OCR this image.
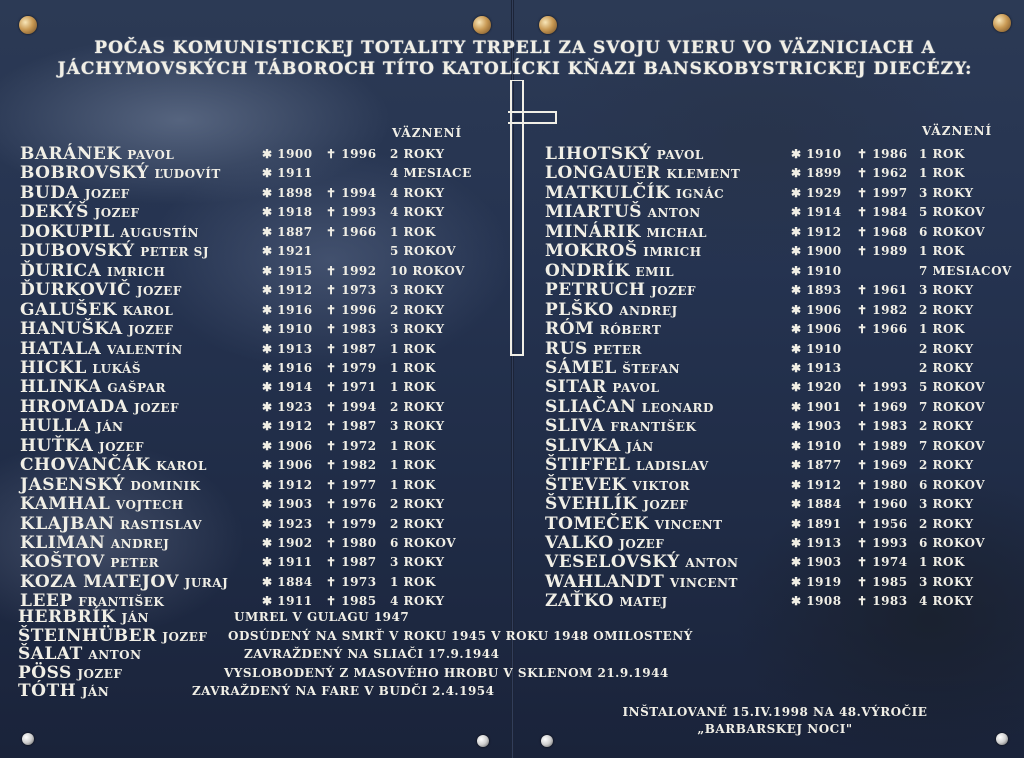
POČAS KOMUNISTICKEJ TOTALITY TRPELI ZA SVOJU VIERU VO VÄZNICIACH A
JÁCHYMOVSKÝCH TÁBOROCH TÍTO KATOLÍCKI KŇAZI BANSKOBYSTRICKEJ DIECÉZY:
VÄZNENÍ	VÄZNENÍ
BARÁNEK PAVOL	✱ 1900 ✝ 1996 2 ROKY
BOBROVSKÝ ĽUDOVÍT	✱ 1911	4 MESIACE
BUDA JOZEF	✱ 1898 ✝ 1994 4 ROKY
DEKÝŠ JOZEF	✱ 1918 ✝ 1993 4 ROKY
DOKUPIL AUGUSTÍN	✱ 1887 ✝ 1966 1 ROK
DUBOVSKÝ PETER SJ	✱ 1921	5 ROKOV
ĎURICA IMRICH	✱ 1915 ✝ 1992 10 ROKOV
ĎURKOVIČ JOZEF	✱ 1912 ✝ 1973 3 ROKY
GALUŠEK KAROL	✱ 1916 ✝ 1996 2 ROKY
HANUŠKA JOZEF	✱ 1910 ✝ 1983 3 ROKY
HATALA VALENTÍN	✱ 1913 ✝ 1987 1 ROK
HICKL LUKÁŠ	✱ 1916 ✝ 1979 1 ROK
HLINKA GAŠPAR	✱ 1914 ✝ 1971 1 ROK
HROMADA JOZEF	✱ 1923 ✝ 1994 2 ROKY
HULLA JÁN	✱ 1912 ✝ 1987 3 ROKY
HUŤKA JOZEF	✱ 1906 ✝ 1972 1 ROK
CHOVANČÁK KAROL	✱ 1906 ✝ 1982 1 ROK
JASENSKÝ DOMINIK	✱ 1912 ✝ 1977 1 ROK
KAMHAL VOJTECH	✱ 1903 ✝ 1976 2 ROKY
KLAJBAN RASTISLAV	✱ 1923 ✝ 1979 2 ROKY
KLIMAN ANDREJ	✱ 1902 ✝ 1980 6 ROKOV
KOŠTOV PETER	✱ 1911 ✝ 1987 3 ROKY
KOZA MATEJOV JURAJ	✱ 1884 ✝ 1973 1 ROK
LEEP FRANTIŠEK	✱ 1911 ✝ 1985 4 ROKY
LIHOTSKÝ PAVOL	✱ 1910 ✝ 1986 1 ROK
LONGAUER KLEMENT	✱ 1899 ✝ 1962 1 ROK
MATKULČÍK IGNÁC	✱ 1929 ✝ 1997 3 ROKY
MIARTUŠ ANTON	✱ 1914 ✝ 1984 5 ROKOV
MINÁRIK MICHAL	✱ 1912 ✝ 1968 6 ROKOV
MOKROŠ IMRICH	✱ 1900 ✝ 1989 1 ROK
ONDRÍK EMIL	✱ 1910	7 MESIACOV
PETRUCH JOZEF	✱ 1893 ✝ 1961 3 ROKY
PLŠKO ANDREJ	✱ 1906 ✝ 1982 2 ROKY
RÓM RÓBERT	✱ 1906 ✝ 1966 1 ROK
RUS PETER	✱ 1910	2 ROKY
SÁMEL ŠTEFAN	✱ 1913	2 ROKY
SITAR PAVOL	✱ 1920 ✝ 1993 5 ROKOV
SLIAČAN LEONARD	✱ 1901 ✝ 1969 7 ROKOV
SLIVA FRANTIŠEK	✱ 1903 ✝ 1983 2 ROKY
SLIVKA JÁN	✱ 1910 ✝ 1989 7 ROKOV
ŠTIFFEL LADISLAV	✱ 1877 ✝ 1969 2 ROKY
ŠTEVEK VIKTOR	✱ 1912 ✝ 1980 6 ROKOV
ŠVEHLÍK JOZEF	✱ 1884 ✝ 1960 3 ROKY
TOMEČEK VINCENT	✱ 1891 ✝ 1956 2 ROKY
VALKO JOZEF	✱ 1913 ✝ 1993 6 ROKOV
VESELOVSKÝ ANTON	✱ 1903 ✝ 1974 1 ROK
WAHLANDT VINCENT	✱ 1919 ✝ 1985 3 ROKY
ZAŤKO MATEJ	✱ 1908 ✝ 1983 4 ROKY
HERBRÍK JÁN	UMREL V GULAGU 1947
ŠTEINHÜBER JOZEF ODSÚDENÝ NA SMRŤ V ROKU 1945 V ROKU 1948 OMILOSTENÝ
ŠALAT ANTON	ZAVRAŽDENÝ NA SLIAČI 17.9.1944
PÖSS JOZEF	VYSLOBODENÝ Z MASOVÉHO HROBU V SKLENOM 21.9.1944
TÓTH JÁN	ZAVRAŽDENÝ NA FARE V BUDČI 2.4.1954
INŠTALOVANÉ 15.IV.1998 NA 48.VÝROČIE
„BARBARSKEJ NOCI"
